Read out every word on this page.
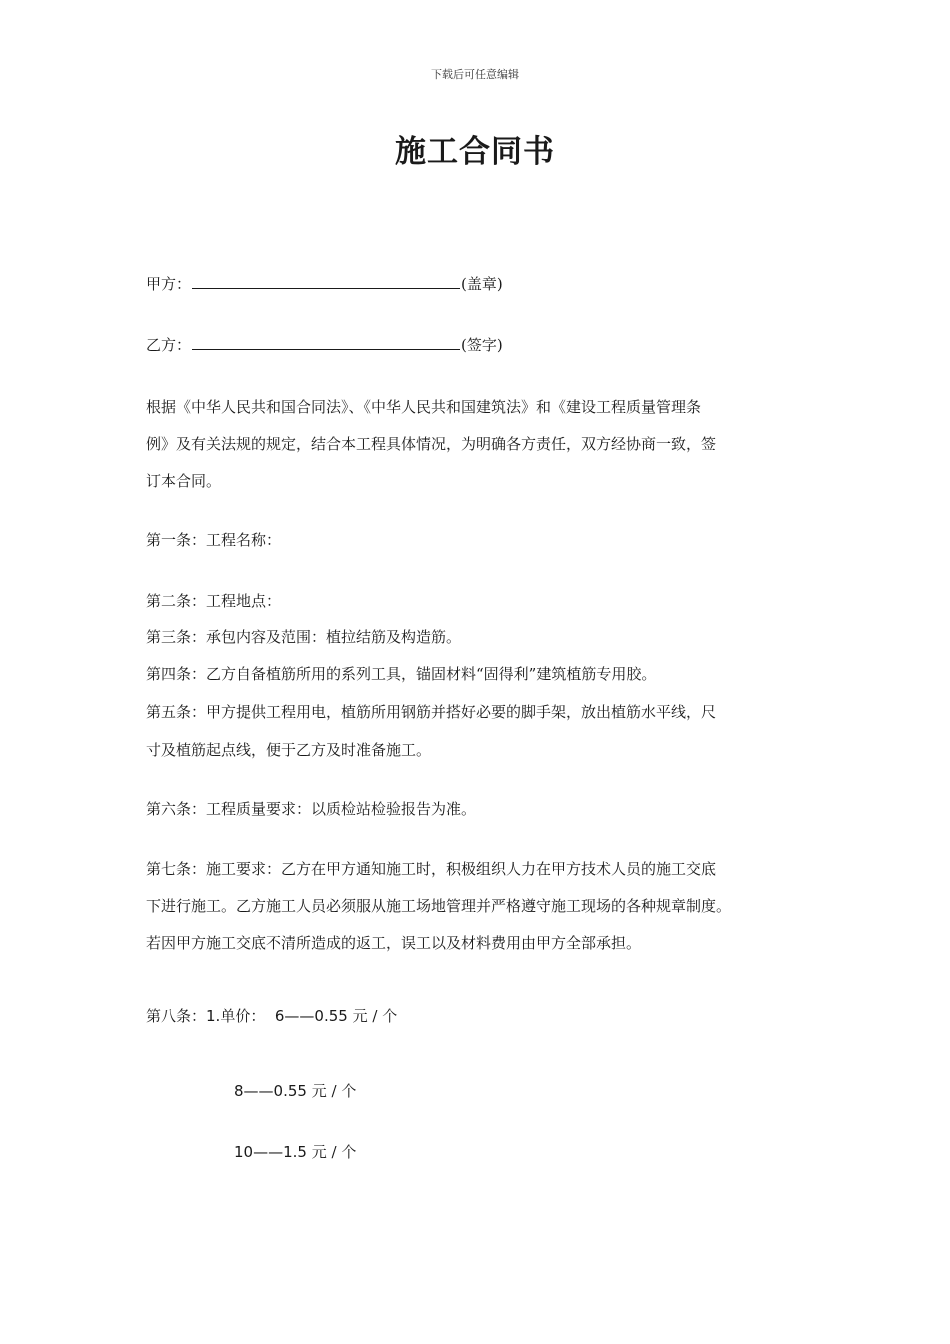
下载后可任意编辑
施工合同书
甲方：	(盖章)
乙方：	(签字)
根据《中华人民共和国合同法》、《中华人民共和国建筑法》和《建设工程质量管理条
例》及有关法规的规定，结合本工程具体情况，为明确各方责任，双方经协商一致，签
订本合同。
第一条：工程名称：
第二条：工程地点：
第三条：承包内容及范围：植拉结筋及构造筋。
第四条：乙方自备植筋所用的系列工具，锚固材料“固得利”建筑植筋专用胶。
第五条：甲方提供工程用电，植筋所用钢筋并搭好必要的脚手架，放出植筋水平线，尺
寸及植筋起点线，便于乙方及时准备施工。
第六条：工程质量要求：以质检站检验报告为准。
第七条：施工要求：乙方在甲方通知施工时，积极组织人力在甲方技术人员的施工交底
下进行施工。乙方施工人员必须服从施工场地管理并严格遵守施工现场的各种规章制度。
若因甲方施工交底不清所造成的返工，误工以及材料费用由甲方全部承担。
第八条：1.单价： 6——0.55 元 / 个
8——0.55 元 / 个
10——1.5 元 / 个
